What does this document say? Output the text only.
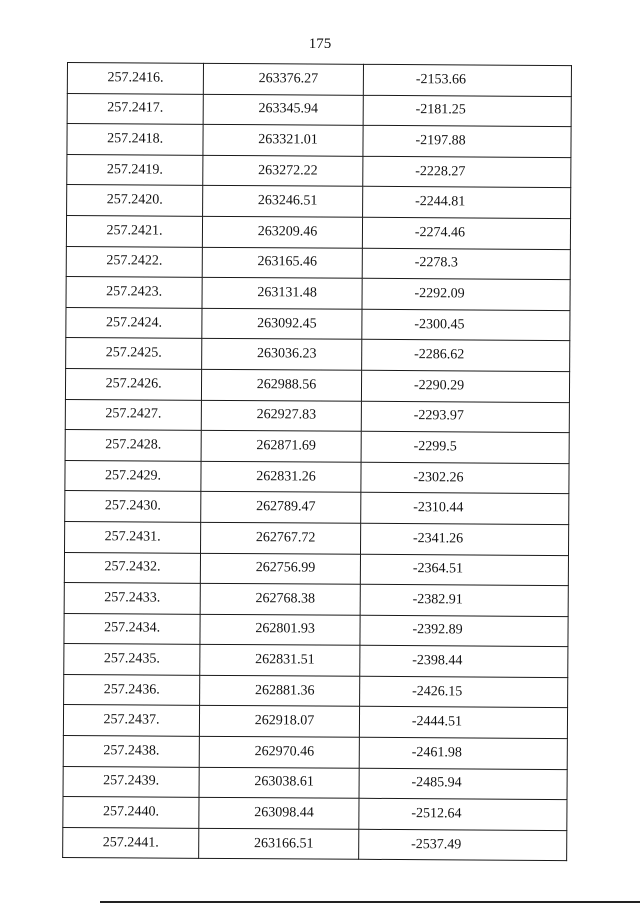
175
257.2416.	263376.27	-2153.66
257.2417.	263345.94	-2181.25
257.2418.	263321.01	-2197.88
257.2419.	263272.22	-2228.27
257.2420.	263246.51	-2244.81
257.2421.	263209.46	-2274.46
257.2422.	263165.46	-2278.3
257.2423.	263131.48	-2292.09
257.2424.	263092.45	-2300.45
257.2425.	263036.23	-2286.62
257.2426.	262988.56	-2290.29
257.2427.	262927.83	-2293.97
257.2428.	262871.69	-2299.5
257.2429.	262831.26	-2302.26
257.2430.	262789.47	-2310.44
257.2431.	262767.72	-2341.26
257.2432.	262756.99	-2364.51
257.2433.	262768.38	-2382.91
257.2434.	262801.93	-2392.89
257.2435.	262831.51	-2398.44
257.2436.	262881.36	-2426.15
257.2437.	262918.07	-2444.51
257.2438.	262970.46	-2461.98
257.2439.	263038.61	-2485.94
257.2440.	263098.44	-2512.64
257.2441.	263166.51	-2537.49
